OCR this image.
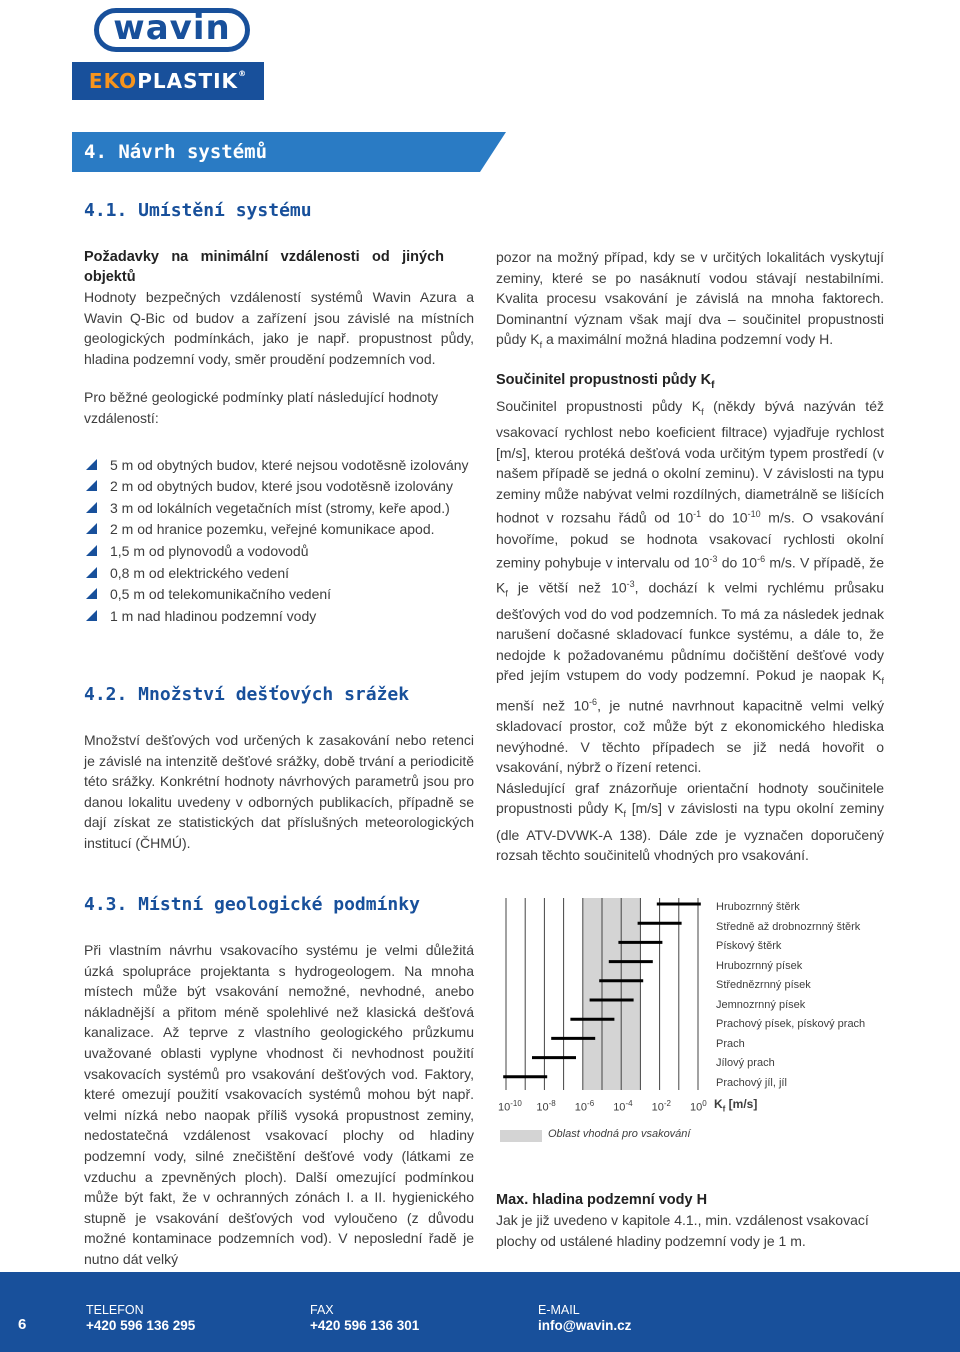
wavin
EKOPLASTIK®
4. Návrh systémů
4.1. Umístění systému
Požadavky na minimální vzdálenosti od jiných objektů

Hodnoty bezpečných vzdáleností systémů Wavin Azura a Wavin Q-Bic od budov a zařízení jsou závislé na místních geologických podmínkách, jako je např. propustnost půdy, hladina podzemní vody, směr proudění podzemních vod.

Pro běžné geologické podmínky platí následující hodnoty vzdáleností:

5 m od obytných budov, které nejsou vodotěsně izolovány
2 m od obytných budov, které jsou vodotěsně izolovány
3 m od lokálních vegetačních míst (stromy, keře apod.)
2 m od hranice pozemku, veřejné komunikace apod.
1,5 m od plynovodů a vodovodů
0,8 m od elektrického vedení
0,5 m od telekomunikačního vedení
1 m nad hladinou podzemní vody
4.2. Množství dešťových srážek
Množství dešťových vod určených k zasakování nebo retenci je závislé na intenzitě dešťové srážky, době trvání a periodicitě této srážky. Konkrétní hodnoty návrhových parametrů jsou pro danou lokalitu uvedeny v odborných publikacích, případně se dají získat ze statistických dat příslušných meteorologických institucí (ČHMÚ).

pozor na možný případ, kdy se v určitých lokalitách vyskytují zeminy, které se po nasáknutí vodou stávají nestabilními. Kvalita procesu vsakování je závislá na mnoha faktorech. Dominantní význam však mají dva – součinitel propustnosti půdy $K_f$ a maximální možná hladina podzemní vody H.

Součinitel propustnosti půdy $K_f$

Součinitel propustnosti půdy $K_f$ (někdy bývá nazýván též vsakovací rychlost nebo koeficient filtrace) vyjadřuje rychlost [m/s], kterou protéká dešťová voda určitým typem prostředí (v našem případě se jedná o okolní zeminu). V závislosti na typu zeminy může nabývat velmi rozdílných, diametrálně se lišících hodnot v rozsahu řádů od $10^{-1}$ do $10^{-10}$ m/s. O vsakování hovoříme, pokud se hodnota vsakovací rychlosti okolní zeminy pohybuje v intervalu od $10^{-3}$ do $10^{-6}$ m/s. V případě, že $K_f$ je větší než $10^{-3}$, dochází k velmi rychlému průsaku dešťových vod do vod podzemních. To má za následek jednak narušení dočasné skladovací funkce systému, a dále to, že nedojde k požadovanému půdnímu dočištění dešťové vody před jejím vstupem do vody podzemní. Pokud je naopak $K_f$ menší než $10^{-6}$, je nutné navrhnout kapacitně velmi velký skladovací prostor, což může být z ekonomického hlediska nevýhodné. V těchto případech se již nedá hovořit o vsakování, nýbrž o řízení retenci.

Následující graf znázorňuje orientační hodnoty součinitele propustnosti půdy $K_f$ [m/s] v závislosti na typu okolní zeminy (dle ATV-DVWK-A 138). Dále zde je vyznačen doporučený rozsah těchto součinitelů vhodných pro vsakování.

4.3. Místní geologické podmínky
Při vlastním návrhu vsakovacího systému je velmi důležitá úzká spolupráce projektanta s hydrogeologem. Na mnoha místech může být vsakování nemožné, nevhodné, anebo nákladnější a přitom méně spolehlivé než klasická dešťová kanalizace. Až teprve z vlastního geologického průzkumu uvažované oblasti vyplyne vhodnost či nevhodnost použití vsakovacích systémů pro vsakování dešťových vod. Faktory, které omezují použití vsakovacích systémů mohou být např. velmi nízká nebo naopak příliš vysoká propustnost zeminy, nedostatečná vzdálenost vsakovací plochy od hladiny podzemní vody, silné znečištění dešťové vody (látkami ze vzduchu a zpevněných ploch). Další omezující podmínkou může být fakt, že v ochranných zónách I. a II. hygienického stupně je vsakování dešťových vod vyloučeno (z důvodu možné kontaminace podzemních vod). V neposlední řadě je nutno dát velký
Hrubozrnný štěrk
Středně až drobnozrnný štěrk
Pískový štěrk
Hrubozrnný písek
Střednězrnný písek
Jemnozrnný písek
Prachový písek, pískový prach
Prach
Jílový prach
Prachový jíl, jíl
$10^{-10}$ $10^{-8}$ $10^{-6}$ $10^{-4}$ $10^{-2}$ $10^0$ $K_f$ [m/s]
Oblast vhodná pro vsakování
Max. hladina podzemní vody H

Jak je již uvedeno v kapitole 4.1., min. vzdálenost vsakovací plochy od ustálené hladiny podzemní vody je 1 m.

6
TELEFON
+420 596 136 295
FAX
+420 596 136 301
E-MAIL
info@wavin.cz
